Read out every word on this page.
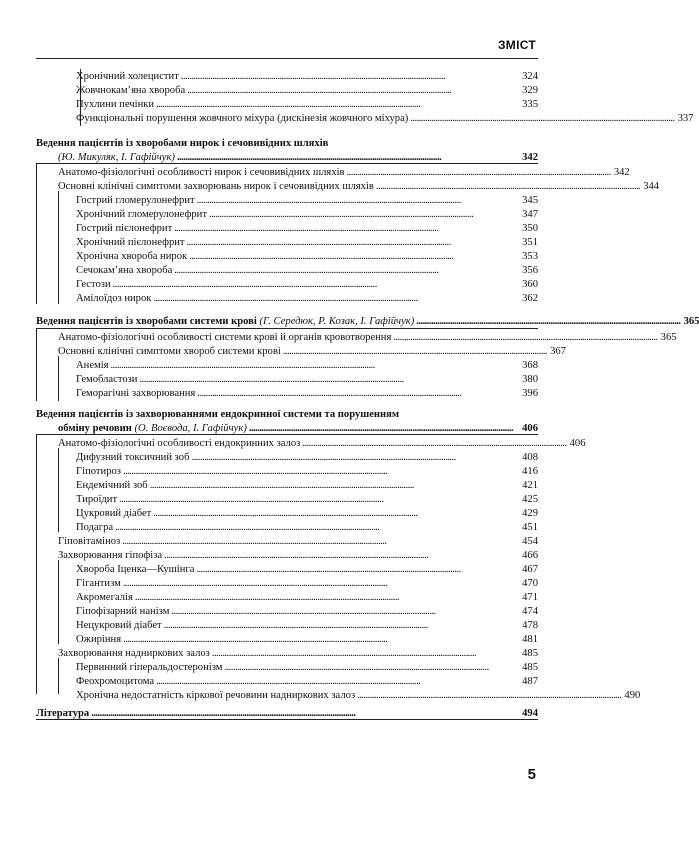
ЗМІСТ
Хронічний холецистит . . .	324
Жовчнокам’яна хвороба . . .	329
Пухлини печінки . . .	335
Функціональні порушення жовчного міхура (дискінезія жовчного міхура) . . .	337
Ведення пацієнтів із хворобами нирок і сечовивідних шляхів
(Ю. Микуляк, І. Гафійчук) . . .	342
Анатомо-фізіологічні особливості нирок і сечовивідних шляхів . . .	342
Основні клінічні симптоми захворювань нирок і сечовивідних шляхів . . .	344
Гострий гломерулонефрит . . .	345
Хронічний гломерулонефрит . . .	347
Гострий пієлонефрит . . .	350
Хронічний пієлонефрит . . .	351
Хронічна хвороба нирок . . .	353
Сечокам’яна хвороба . . .	356
Гестози . . .	360
Амілоїдоз нирок . . .	362
Ведення пацієнтів із хворобами системи крові (Г. Середюк, Р. Козак, І. Гафійчук) . . .	365
Анатомо-фізіологічні особливості системи крові й органів кровотворення . . .	365
Основні клінічні симптоми хвороб системи крові . . .	367
Анемія . . .	368
Гемобластози . . .	380
Геморагічні захворювання . . .	396
Ведення пацієнтів із захворюваннями ендокринної системи та порушенням
обміну речовин (О. Воєвода, І. Гафійчук) . . .	406
Анатомо-фізіологічні особливості ендокринних залоз . . .	406
Дифузний токсичний зоб . . .	408
Гіпотироз . . .	416
Ендемічний зоб . . .	421
Тироїдит . . .	425
Цукровий діабет . . .	429
Подагра . . .	451
Гіповітаміноз . . .	454
Захворювання гіпофіза . . .	466
Хвороба Іценка—Кушінга . . .	467
Гігантизм . . .	470
Акромегалія . . .	471
Гіпофізарний нанізм . . .	474
Нецукровий діабет . . .	478
Ожиріння . . .	481
Захворювання надниркових залоз . . .	485
Первинний гіперальдостеронізм . . .	485
Феохромоцитома . . .	487
Хронічна недостатність кіркової речовини надниркових залоз . . .	490
Література . . .	494
5
